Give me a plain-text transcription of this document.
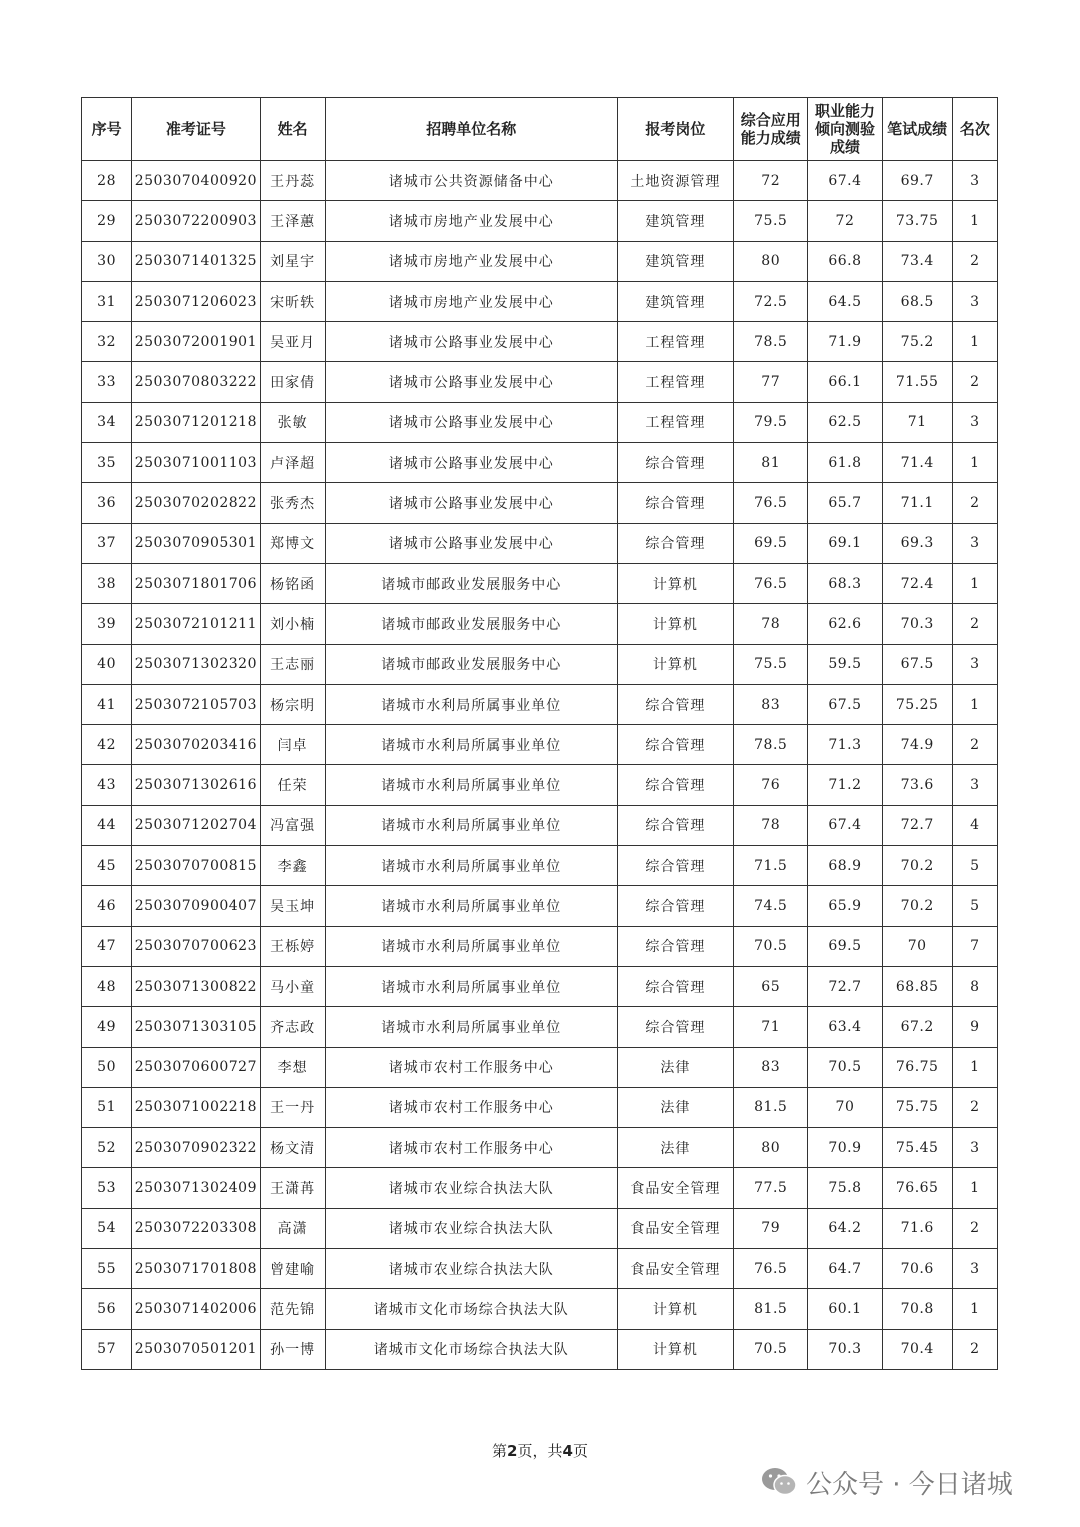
序号	准考证号	姓名	招聘单位名称	报考岗位	综合应用能力成绩	职业能力倾向测验成绩	笔试成绩	名次
28	2503070400920	王丹蕊	诸城市公共资源储备中心	土地资源管理	72	67.4	69.7	3
29	2503072200903	王泽蕙	诸城市房地产业发展中心	建筑管理	75.5	72	73.75	1
30	2503071401325	刘星宇	诸城市房地产业发展中心	建筑管理	80	66.8	73.4	2
31	2503071206023	宋昕轶	诸城市房地产业发展中心	建筑管理	72.5	64.5	68.5	3
32	2503072001901	吴亚月	诸城市公路事业发展中心	工程管理	78.5	71.9	75.2	1
33	2503070803222	田家倩	诸城市公路事业发展中心	工程管理	77	66.1	71.55	2
34	2503071201218	张敏	诸城市公路事业发展中心	工程管理	79.5	62.5	71	3
35	2503071001103	卢泽超	诸城市公路事业发展中心	综合管理	81	61.8	71.4	1
36	2503070202822	张秀杰	诸城市公路事业发展中心	综合管理	76.5	65.7	71.1	2
37	2503070905301	郑博文	诸城市公路事业发展中心	综合管理	69.5	69.1	69.3	3
38	2503071801706	杨铭函	诸城市邮政业发展服务中心	计算机	76.5	68.3	72.4	1
39	2503072101211	刘小楠	诸城市邮政业发展服务中心	计算机	78	62.6	70.3	2
40	2503071302320	王志丽	诸城市邮政业发展服务中心	计算机	75.5	59.5	67.5	3
41	2503072105703	杨宗明	诸城市水利局所属事业单位	综合管理	83	67.5	75.25	1
42	2503070203416	闫卓	诸城市水利局所属事业单位	综合管理	78.5	71.3	74.9	2
43	2503071302616	任荣	诸城市水利局所属事业单位	综合管理	76	71.2	73.6	3
44	2503071202704	冯富强	诸城市水利局所属事业单位	综合管理	78	67.4	72.7	4
45	2503070700815	李鑫	诸城市水利局所属事业单位	综合管理	71.5	68.9	70.2	5
46	2503070900407	吴玉坤	诸城市水利局所属事业单位	综合管理	74.5	65.9	70.2	5
47	2503070700623	王栎婷	诸城市水利局所属事业单位	综合管理	70.5	69.5	70	7
48	2503071300822	马小童	诸城市水利局所属事业单位	综合管理	65	72.7	68.85	8
49	2503071303105	齐志政	诸城市水利局所属事业单位	综合管理	71	63.4	67.2	9
50	2503070600727	李想	诸城市农村工作服务中心	法律	83	70.5	76.75	1
51	2503071002218	王一丹	诸城市农村工作服务中心	法律	81.5	70	75.75	2
52	2503070902322	杨文清	诸城市农村工作服务中心	法律	80	70.9	75.45	3
53	2503071302409	王潇苒	诸城市农业综合执法大队	食品安全管理	77.5	75.8	76.65	1
54	2503072203308	高潇	诸城市农业综合执法大队	食品安全管理	79	64.2	71.6	2
55	2503071701808	曾建喻	诸城市农业综合执法大队	食品安全管理	76.5	64.7	70.6	3
56	2503071402006	范先锦	诸城市文化市场综合执法大队	计算机	81.5	60.1	70.8	1
57	2503070501201	孙一博	诸城市文化市场综合执法大队	计算机	70.5	70.3	70.4	2
第2页，共4页
公众号 · 今日诸城
